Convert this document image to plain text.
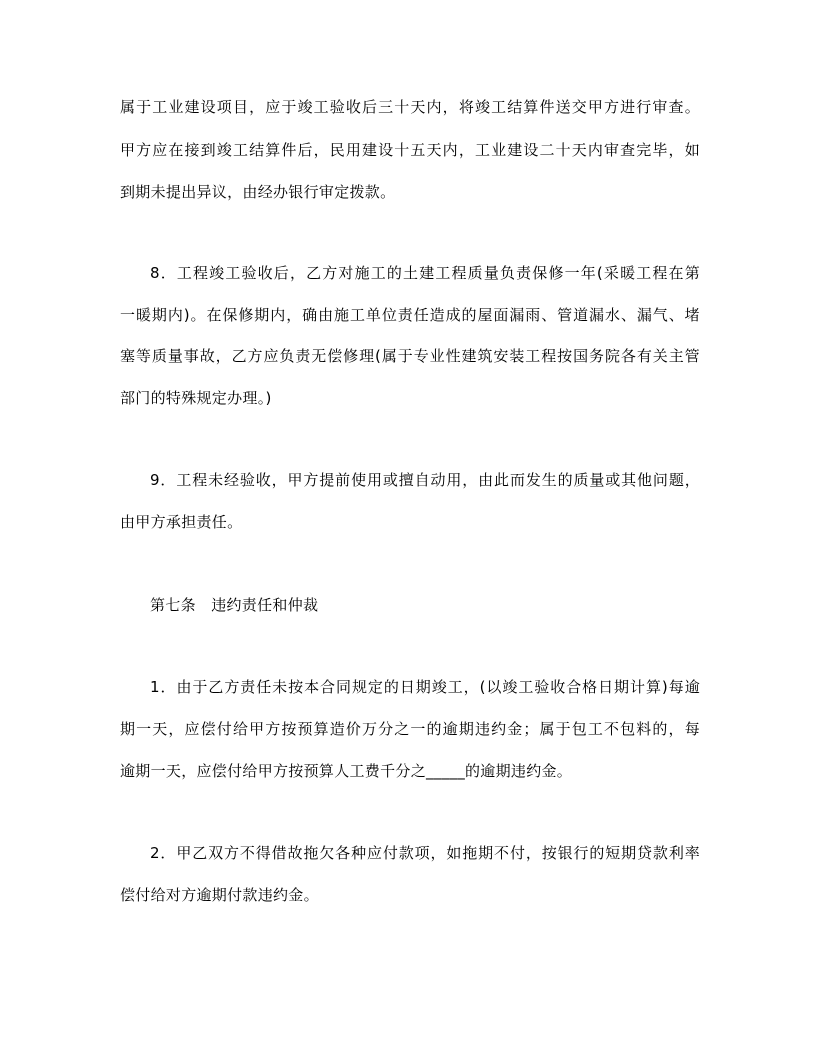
属于工业建设项目，应于竣工验收后三十天内，将竣工结算件送交甲方进行审查。
甲方应在接到竣工结算件后，民用建设十五天内，工业建设二十天内审查完毕，如
到期未提出异议，由经办银行审定拨款。
8．工程竣工验收后，乙方对施工的土建工程质量负责保修一年(采暖工程在第
一暖期内)。在保修期内，确由施工单位责任造成的屋面漏雨、管道漏水、漏气、堵
塞等质量事故，乙方应负责无偿修理(属于专业性建筑安装工程按国务院各有关主管
部门的特殊规定办理。)
9．工程未经验收，甲方提前使用或擅自动用，由此而发生的质量或其他问题，
由甲方承担责任。
第七条　违约责任和仲裁
1．由于乙方责任未按本合同规定的日期竣工，(以竣工验收合格日期计算)每逾
期一天，应偿付给甲方按预算造价万分之一的逾期违约金；属于包工不包料的，每
逾期一天，应偿付给甲方按预算人工费千分之_____的逾期违约金。
2．甲乙双方不得借故拖欠各种应付款项，如拖期不付，按银行的短期贷款利率
偿付给对方逾期付款违约金。
